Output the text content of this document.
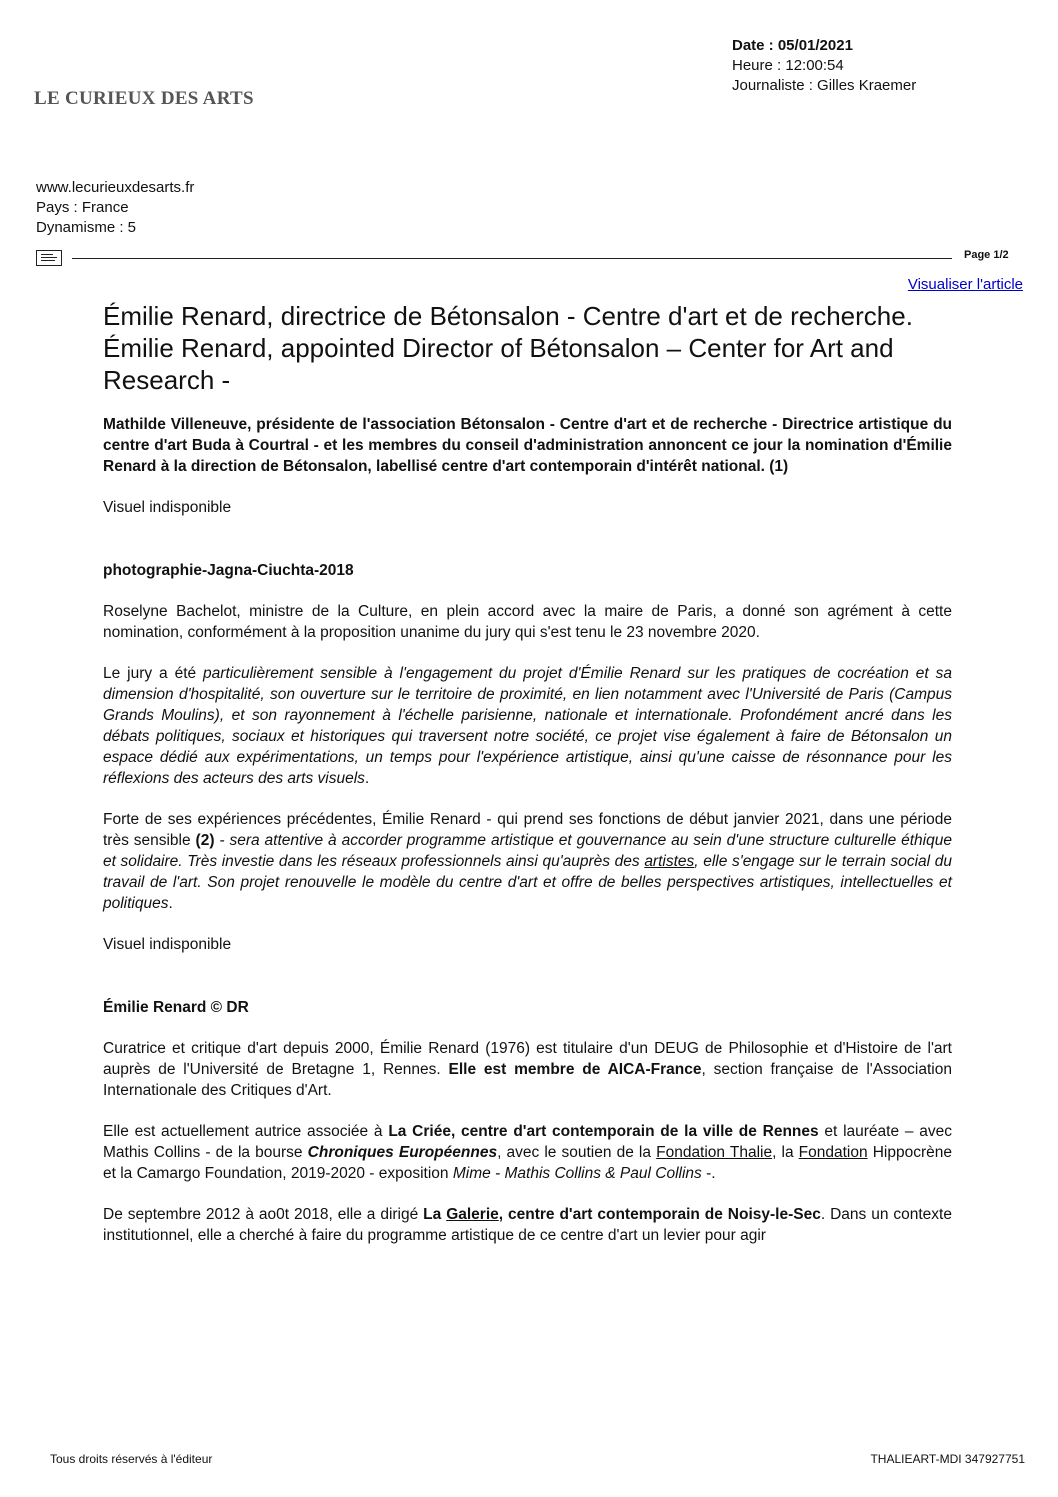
LE CURIEUX DES ARTS
Date : 05/01/2021
Heure : 12:00:54
Journaliste : Gilles Kraemer
www.lecurieuxdesarts.fr
Pays : France
Dynamisme : 5
Page 1/2
Visualiser l'article
Émilie Renard, directrice de Bétonsalon - Centre d'art et de recherche. Émilie Renard, appointed Director of Bétonsalon – Center for Art and Research -

Mathilde Villeneuve, présidente de l'association Bétonsalon - Centre d'art et de recherche - Directrice artistique du centre d'art Buda à Courtral - et les membres du conseil d'administration annoncent ce jour la nomination d'Émilie Renard à la direction de Bétonsalon, labellisé centre d'art contemporain d'intérêt national. (1)

Visuel indisponible

photographie-Jagna-Ciuchta-2018

Roselyne Bachelot, ministre de la Culture, en plein accord avec la maire de Paris, a donné son agrément à cette nomination, conformément à la proposition unanime du jury qui s'est tenu le 23 novembre 2020.

Le jury a été particulièrement sensible à l'engagement du projet d'Émilie Renard sur les pratiques de cocréation et sa dimension d'hospitalité, son ouverture sur le territoire de proximité, en lien notamment avec l'Université de Paris (Campus Grands Moulins), et son rayonnement à l'échelle parisienne, nationale et internationale. Profondément ancré dans les débats politiques, sociaux et historiques qui traversent notre société, ce projet vise également à faire de Bétonsalon un espace dédié aux expérimentations, un temps pour l'expérience artistique, ainsi qu'une caisse de résonnance pour les réflexions des acteurs des arts visuels.

Forte de ses expériences précédentes, Émilie Renard - qui prend ses fonctions de début janvier 2021, dans une période très sensible (2) - sera attentive à accorder programme artistique et gouvernance au sein d'une structure culturelle éthique et solidaire. Très investie dans les réseaux professionnels ainsi qu'auprès des artistes, elle s'engage sur le terrain social du travail de l'art. Son projet renouvelle le modèle du centre d'art et offre de belles perspectives artistiques, intellectuelles et politiques.

Visuel indisponible

Émilie Renard © DR

Curatrice et critique d'art depuis 2000, Émilie Renard (1976) est titulaire d'un DEUG de Philosophie et d'Histoire de l'art auprès de l'Université de Bretagne 1, Rennes. Elle est membre de AICA-France, section française de l'Association Internationale des Critiques d'Art.

Elle est actuellement autrice associée à La Criée, centre d'art contemporain de la ville de Rennes et lauréate – avec Mathis Collins - de la bourse Chroniques Européennes, avec le soutien de la Fondation Thalie, la Fondation Hippocrène et la Camargo Foundation, 2019-2020 - exposition Mime - Mathis Collins & Paul Collins -.

De septembre 2012 à ao0t 2018, elle a dirigé La Galerie, centre d'art contemporain de Noisy-le-Sec. Dans un contexte institutionnel, elle a cherché à faire du programme artistique de ce centre d'art un levier pour agir

Tous droits réservés à l'éditeur	THALIEART-MDI 347927751
